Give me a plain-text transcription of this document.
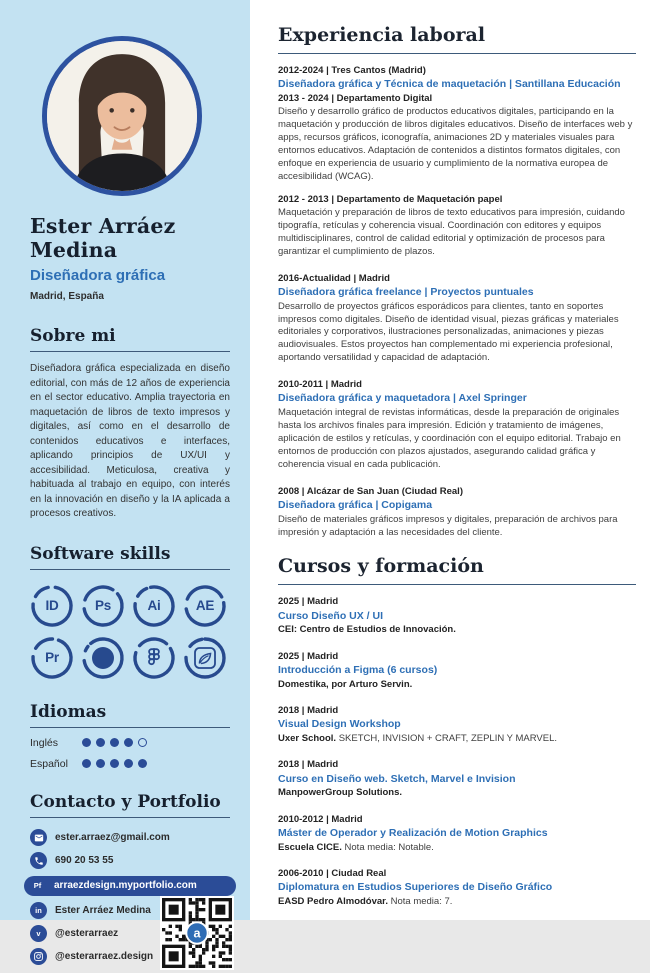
Ester Arráez Medina
Diseñadora gráfica
Madrid, España
Sobre mi
Diseñadora gráfica especializada en diseño editorial, con más de 12 años de experiencia en el sector educativo. Amplia trayectoria en maquetación de libros de texto impresos y digitales, así como en el desarrollo de contenidos educativos e interfaces, aplicando principios de UX/UI y accesibilidad. Meticulosa, creativa y habituada al trabajo en equipo, con interés en la innovación en diseño y la IA aplicada a procesos creativos.
Software skills
ID	Ps	Ai	AE
Pr
Idiomas
Inglés
Español
Contacto y Portfolio
ester.arraez@gmail.com
690 20 53 55
Pf	arraezdesign.myportfolio.com
in	Ester Arráez Medina
v	@esterarraez
@esterarraez.design
a
Experiencia laboral
2012-2024 | Tres Cantos (Madrid)
Diseñadora gráfica y Técnica de maquetación | Santillana Educación
2013 - 2024 | Departamento Digital

Diseño y desarrollo gráfico de productos educativos digitales, participando en la maquetación y producción de libros digitales educativos. Diseño de interfaces web y apps, recursos gráficos, iconografía, animaciones 2D y materiales visuales para entornos educativos. Adaptación de contenidos a distintos formatos digitales, con enfoque en experiencia de usuario y cumplimiento de la normativa europea de accesibilidad (WCAG).

2012 - 2013 | Departamento de Maquetación papel

Maquetación y preparación de libros de texto educativos para impresión, cuidando tipografía, retículas y coherencia visual. Coordinación con editores y equipos multidisciplinares, control de calidad editorial y optimización de procesos para garantizar el cumplimiento de plazos.

2016-Actualidad | Madrid
Diseñadora gráfica freelance | Proyectos puntuales

Desarrollo de proyectos gráficos esporádicos para clientes, tanto en soportes impresos como digitales. Diseño de identidad visual, piezas gráficas y materiales editoriales y corporativos, ilustraciones personalizadas, animaciones y piezas audiovisuales. Estos proyectos han complementado mi experiencia profesional, aportando versatilidad y capacidad de adaptación.

2010-2011 | Madrid
Diseñadora gráfica y maquetadora | Axel Springer

Maquetación integral de revistas informáticas, desde la preparación de originales hasta los archivos finales para impresión. Edición y tratamiento de imágenes, aplicación de estilos y retículas, y coordinación con el equipo editorial. Trabajo en entornos de producción con plazos ajustados, asegurando calidad gráfica y coherencia visual en cada publicación.

2008 | Alcázar de San Juan (Ciudad Real)
Diseñadora gráfica | Copigama

Diseño de materiales gráficos impresos y digitales, preparación de archivos para impresión y adaptación a las necesidades del cliente.

Cursos y formación
2025 | Madrid
Curso Diseño UX / UI
CEI: Centro de Estudios de Innovación.
2025 | Madrid
Introducción a Figma (6 cursos)
Domestika, por Arturo Servin.
2018 | Madrid
Visual Design Workshop
Uxer School. SKETCH, INVISION + CRAFT, ZEPLIN Y MARVEL.
2018 | Madrid
Curso en Diseño web. Sketch, Marvel e Invision
ManpowerGroup Solutions.
2010-2012 | Madrid
Máster de Operador y Realización de Motion Graphics
Escuela CICE. Nota media: Notable.
2006-2010 | Ciudad Real
Diplomatura en Estudios Superiores de Diseño Gráfico
EASD Pedro Almodóvar. Nota media: 7.
